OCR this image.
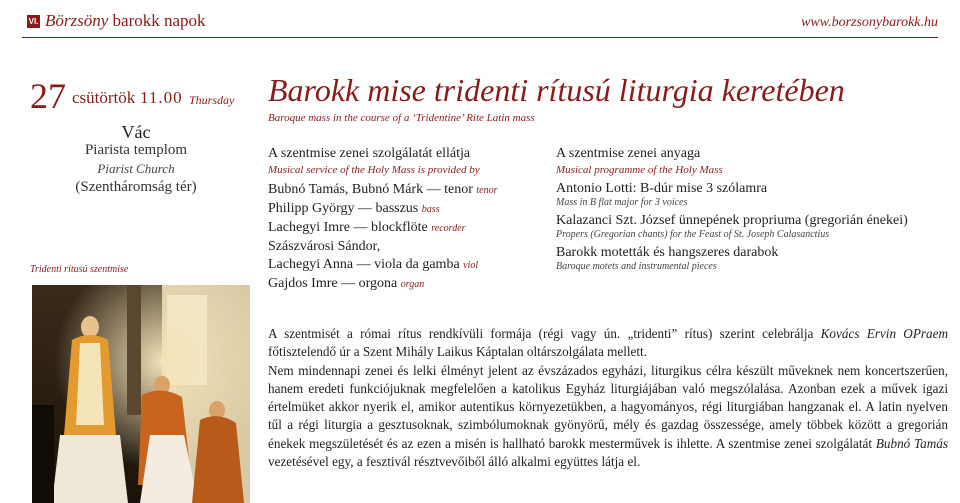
VI. Börzsöny barokk napok	www.borzsonybarokk.hu
27 csütörtök 11.00 Thursday
Vác
Piarista templom
Piarist Church
(Szentháromság tér)
Tridenti rítusú szentmise
Barokk mise tridenti rítusú liturgia keretében
Baroque mass in the course of a ‘Tridentine’ Rite Latin mass
A szentmise zenei szolgálatát ellátja
Musical service of the Holy Mass is provided by
Bubnó Tamás, Bubnó Márk — tenor tenor
Philipp György — basszus bass
Lachegyi Imre — blockflöte recorder
Szászvárosi Sándor,
Lachegyi Anna — viola da gamba viol
Gajdos Imre — orgona organ
A szentmise zenei anyaga
Musical programme of the Holy Mass
Antonio Lotti: B-dúr mise 3 szólamra
Mass in B flat major for 3 voices
Kalazanci Szt. József ünnepének propriuma (gregorián énekei)
Propers (Gregorian chants) for the Feast of St. Joseph Calasanctius
Barokk motetták és hangszeres darabok
Baroque motets and instrumental pieces

A szentmisét a római rítus rendkívüli formája (régi vagy ún. „tridenti” rítus) szerint celebrálja Kovács Ervin OPraem főtisztelendő úr a Szent Mihály Laikus Káptalan oltárszolgálata mellett.

Nem mindennapi zenei és lelki élményt jelent az évszázados egyházi, liturgikus célra készült műveknek nem koncertszerűen, hanem eredeti funkciójuknak megfelelően a katolikus Egyház liturgiájában való megszólalása. Azonban ezek a művek igazi értelmüket akkor nyerik el, amikor autentikus környezetükben, a hagyományos, régi liturgiában hangzanak el. A latin nyelven tűl a régi liturgia a gesztusoknak, szimbólumoknak gyönyörű, mély és gazdag összessége, amely többek között a gregorián énekek megszületését és az ezen a misén is hallható barokk mesterművek is ihlette. A szentmise zenei szolgálatát Bubnó Tamás vezetésével egy, a fesztivál résztvevőiből álló alkalmi együttes látja el.
